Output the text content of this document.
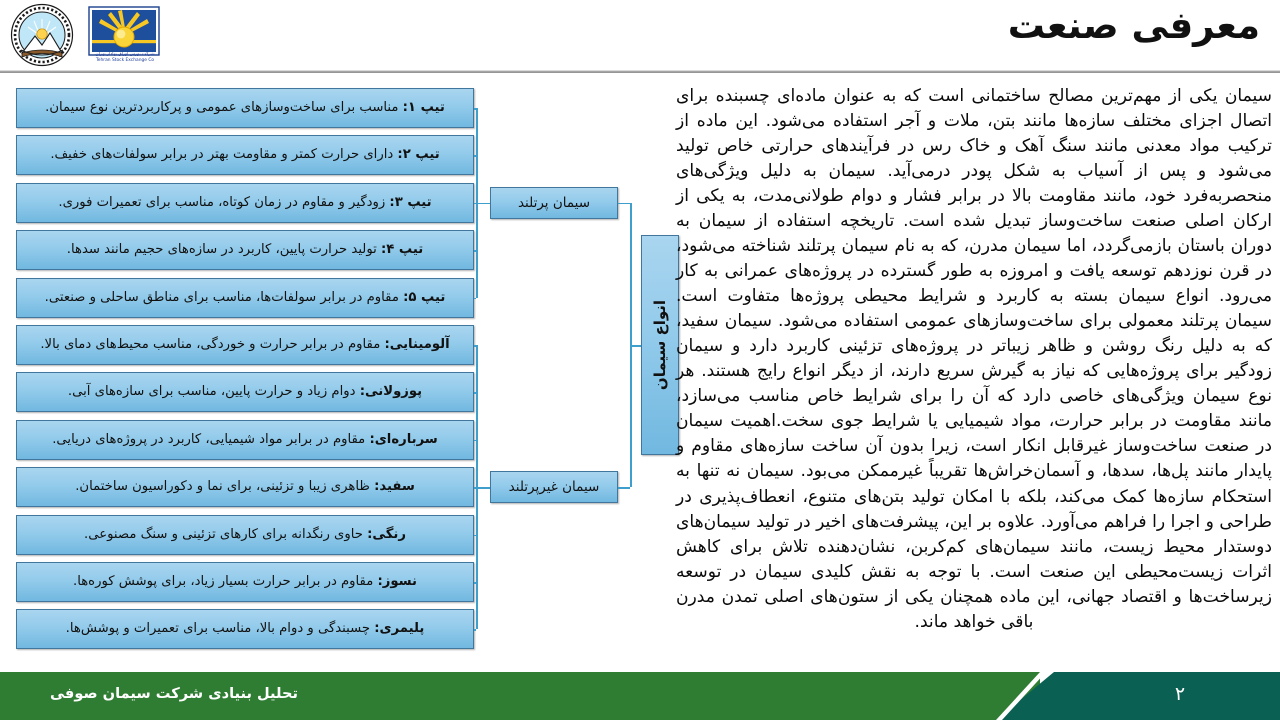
شرکت بورس اوراق بهادار تهران
Tehran Stock Exchange Co
معرفی صنعت
تیپ ۱: مناسب برای ساخت‌وسازهای عمومی و پرکاربردترین نوع سیمان.
تیپ ۲: دارای حرارت کمتر و مقاومت بهتر در برابر سولفات‌های خفیف.
تیپ ۳: زودگیر و مقاوم در زمان کوتاه، مناسب برای تعمیرات فوری.
تیپ ۴: تولید حرارت پایین، کاربرد در سازه‌های حجیم مانند سدها.
تیپ ۵: مقاوم در برابر سولفات‌ها، مناسب برای مناطق ساحلی و صنعتی.
آلومینایی: مقاوم در برابر حرارت و خوردگی، مناسب محیط‌های دمای بالا.
پوزولانی: دوام زیاد و حرارت پایین، مناسب برای سازه‌های آبی.
سرباره‌ای: مقاوم در برابر مواد شیمیایی، کاربرد در پروژه‌های دریایی.
سفید: ظاهری زیبا و تزئینی، برای نما و دکوراسیون ساختمان.
رنگی: حاوی رنگدانه برای کارهای تزئینی و سنگ مصنوعی.
نسوز: مقاوم در برابر حرارت بسیار زیاد، برای پوشش کوره‌ها.
پلیمری: چسبندگی و دوام بالا، مناسب برای تعمیرات و پوشش‌ها.
سیمان پرتلند
سیمان غیرپرتلند
انواع سیمان
سیمان یکی از مهم‌ترین مصالح ساختمانی است که به عنوان ماده‌ای چسبنده برای اتصال اجزای مختلف سازه‌ها مانند بتن، ملات و آجر استفاده می‌شود. این ماده از ترکیب مواد معدنی مانند سنگ آهک و خاک رس در فرآیندهای حرارتی خاص تولید می‌شود و پس از آسیاب به شکل پودر درمی‌آید. سیمان به دلیل ویژگی‌های منحصربه‌فرد خود، مانند مقاومت بالا در برابر فشار و دوام طولانی‌مدت، به یکی از ارکان اصلی صنعت ساخت‌وساز تبدیل شده است. تاریخچه استفاده از سیمان به دوران باستان بازمی‌گردد، اما سیمان مدرن، که به نام سیمان پرتلند شناخته می‌شود، در قرن نوزدهم توسعه یافت و امروزه به طور گسترده در پروژه‌های عمرانی به کار می‌رود. انواع سیمان بسته به کاربرد و شرایط محیطی پروژه‌ها متفاوت است. سیمان پرتلند معمولی برای ساخت‌وسازهای عمومی استفاده می‌شود. سیمان سفید، که به دلیل رنگ روشن و ظاهر زیباتر در پروژه‌های تزئینی کاربرد دارد و سیمان زودگیر برای پروژه‌هایی که نیاز به گیرش سریع دارند، از دیگر انواع رایج هستند. هر نوع سیمان ویژگی‌های خاصی دارد که آن را برای شرایط خاص مناسب می‌سازد، مانند مقاومت در برابر حرارت، مواد شیمیایی یا شرایط جوی سخت.اهمیت سیمان در صنعت ساخت‌وساز غیرقابل انکار است، زیرا بدون آن ساخت سازه‌های مقاوم و پایدار مانند پل‌ها، سدها، و آسمان‌خراش‌ها تقریباً غیرممکن می‌بود. سیمان نه تنها به استحکام سازه‌ها کمک می‌کند، بلکه با امکان تولید بتن‌های متنوع، انعطاف‌پذیری در طراحی و اجرا را فراهم می‌آورد. علاوه بر این، پیشرفت‌های اخیر در تولید سیمان‌های دوستدار محیط زیست، مانند سیمان‌های کم‌کربن، نشان‌دهنده تلاش برای کاهش اثرات زیست‌محیطی این صنعت است. با توجه به نقش کلیدی سیمان در توسعه زیرساخت‌ها و اقتصاد جهانی، این ماده همچنان یکی از ستون‌های اصلی تمدن مدرن باقی خواهد ماند.
تحلیل بنیادی شرکت سیمان صوفی	۲
